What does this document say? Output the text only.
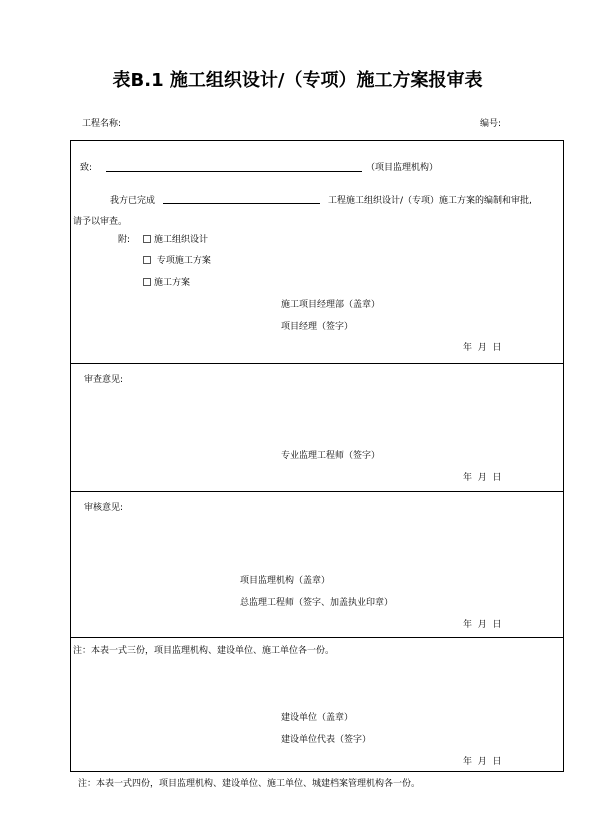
表B.1 施工组织设计/（专项）施工方案报审表
工程名称:	编号:
致:	（项目监理机构）
我方已完成	工程施工组织设计/（专项）施工方案的编制和审批,
请予以审查。
附:	施工组织设计
专项施工方案
施工方案
施工项目经理部（盖章）
项目经理（签字）
年  月  日
审查意见:
专业监理工程师（签字）
年  月  日
审核意见:
项目监理机构（盖章）
总监理工程师（签字、加盖执业印章）
年  月  日
注：本表一式三份，项目监理机构、建设单位、施工单位各一份。
建设单位（盖章）
建设单位代表（签字）
年  月  日
注：本表一式四份，项目监理机构、建设单位、施工单位、城建档案管理机构各一份。
